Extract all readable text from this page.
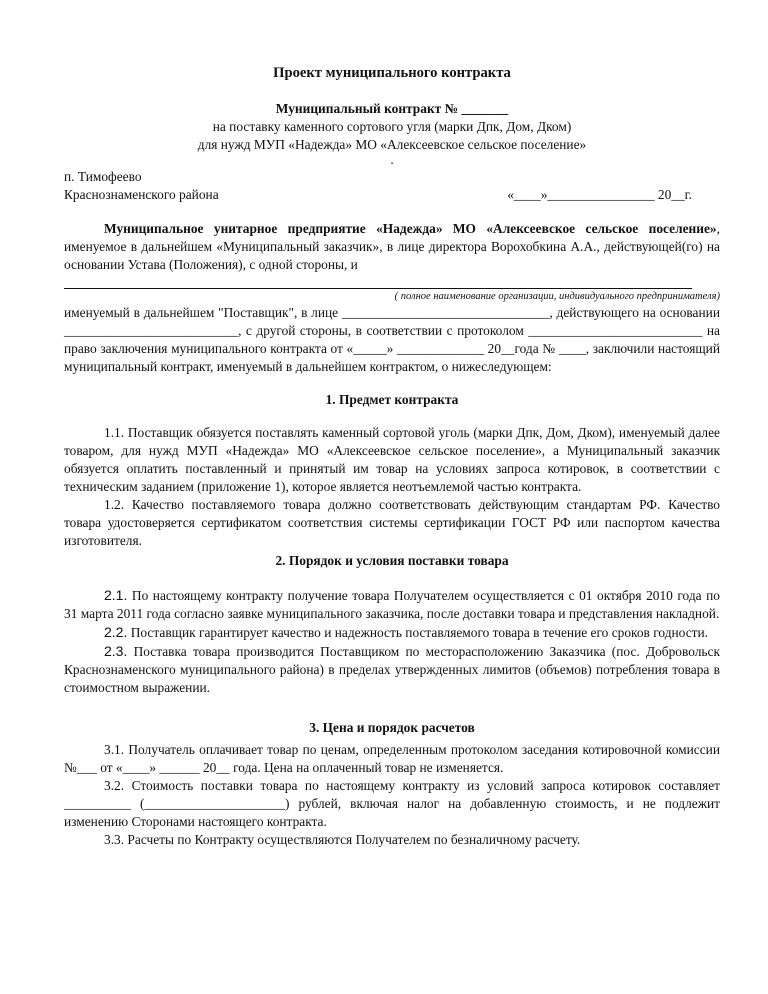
Проект муниципального контракта

Муниципальный контракт № _______

на поставку каменного сортового угля (марки Дпк, Дом, Дком)

для нужд МУП «Надежда» МО «Алексеевское сельское поселение»

.

п. Тимофеево

Краснознаменского района	«____»________________ 20__г.

Муниципальное унитарное предприятие «Надежда» МО «Алексеевское сельское поселение», именуемое в дальнейшем «Муниципальный заказчик», в лице директора Ворохобкина А.А., действующей(го) на основании Устава (Положения), с одной стороны, и

( полное наименование организации, индивидуального предпринимателя)

именуемый в дальнейшем "Поставщик", в лице _______________________________, действующего на основании __________________________, с другой стороны, в соответствии с протоколом __________________________ на право заключения муниципального контракта от «_____» _____________ 20__года № ____, заключили настоящий муниципальный контракт, именуемый в дальнейшем контрактом, о нижеследующем:

1. Предмет контракта

1.1. Поставщик обязуется поставлять каменный сортовой уголь (марки Дпк, Дом, Дком), именуемый далее товаром, для нужд МУП «Надежда» МО «Алексеевское сельское поселение», а Муниципальный заказчик обязуется оплатить поставленный и принятый им товар на условиях запроса котировок, в соответствии с техническим заданием (приложение 1), которое является неотъемлемой частью контракта.

1.2. Качество поставляемого товара должно соответствовать действующим стандартам РФ. Качество товара удостоверяется сертификатом соответствия системы сертификации ГОСТ РФ или паспортом качества изготовителя.

2. Порядок и условия поставки товара

2.1. По настоящему контракту получение товара Получателем осуществляется с 01 октября 2010 года по 31 марта 2011 года согласно заявке муниципального заказчика, после доставки товара и представления накладной.

2.2. Поставщик гарантирует качество и надежность поставляемого товара в течение его сроков годности.

2.3. Поставка товара производится Поставщиком по месторасположению Заказчика (пос. Добровольск Краснознаменского муниципального района) в пределах утвержденных лимитов (объемов) потребления товара в стоимостном выражении.

3. Цена и порядок расчетов

3.1. Получатель оплачивает товар по ценам, определенным протоколом заседания котировочной комиссии №___ от «____» ______ 20__ года. Цена на оплаченный товар не изменяется.

3.2. Стоимость поставки товара по настоящему контракту из условий запроса котировок составляет __________ (_____________________) рублей, включая налог на добавленную стоимость, и не подлежит изменению Сторонами настоящего контракта.

3.3. Расчеты по Контракту осуществляются Получателем по безналичному расчету.
